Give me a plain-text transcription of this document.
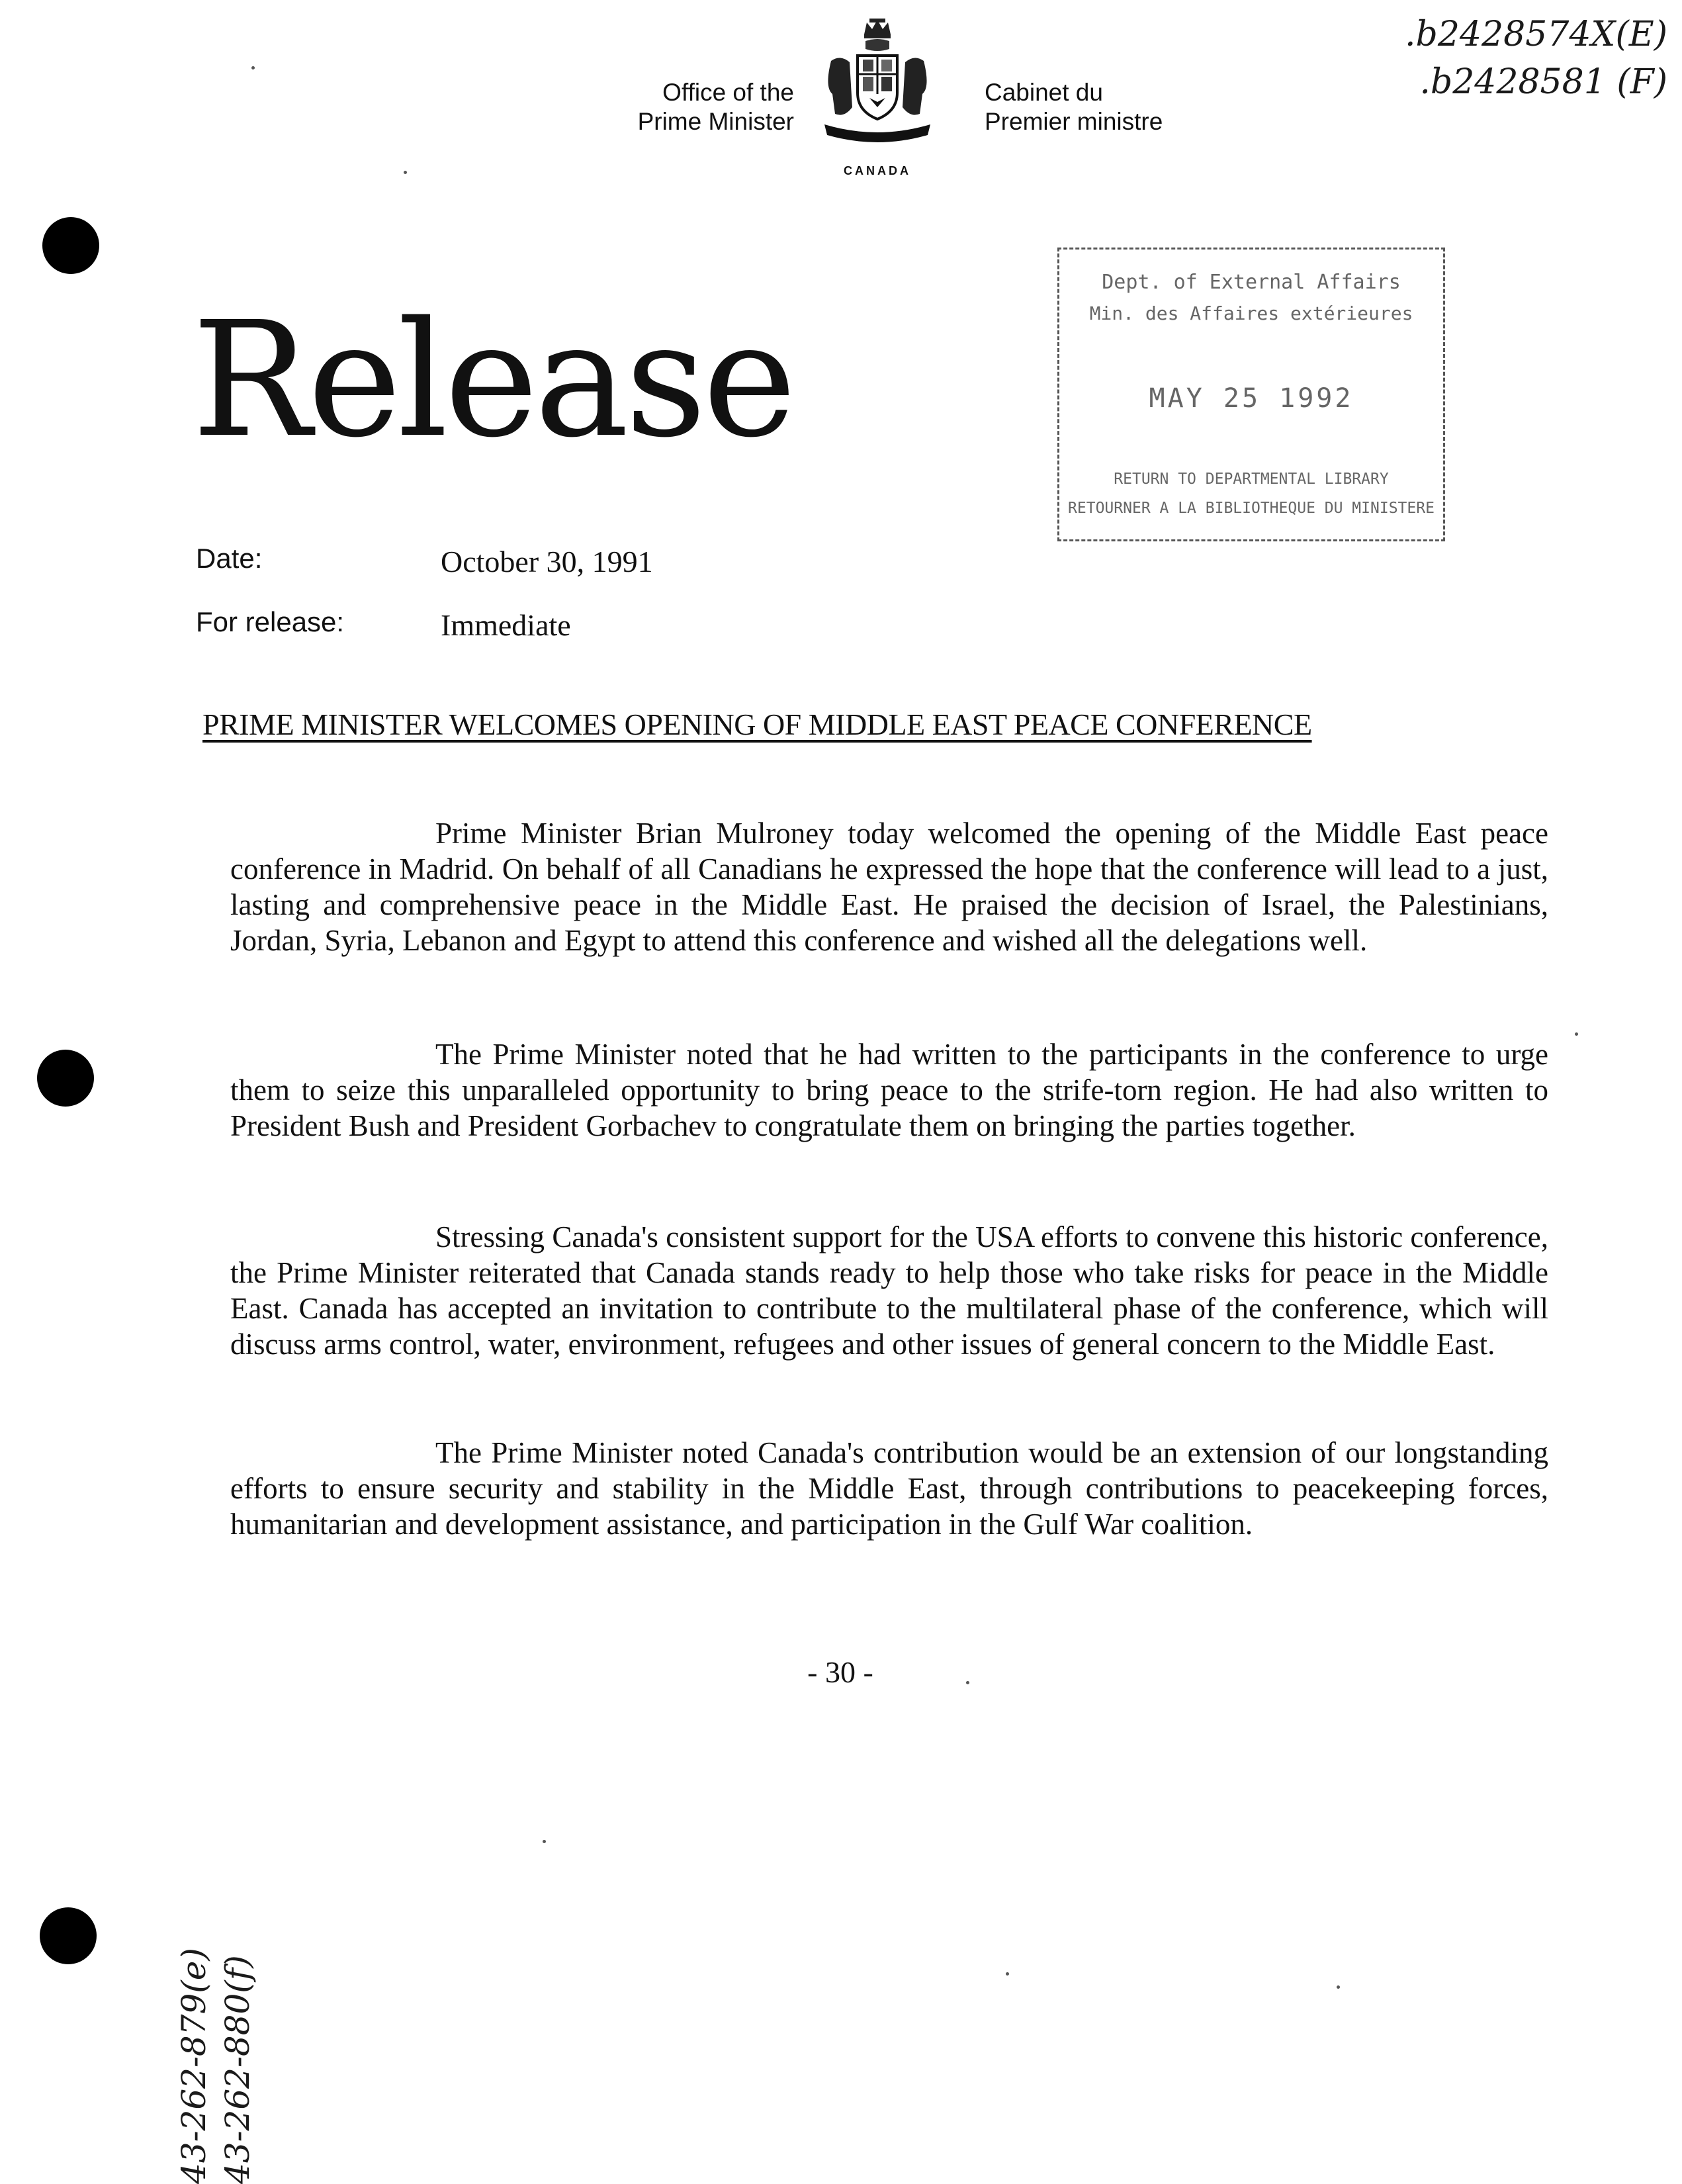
Office of the
Prime Minister
CANADA
Cabinet du
Premier ministre
.b2428574X(E)
.b2428581 (F)
Dept. of External Affairs
Min. des Affaires extérieures
MAY 25 1992
RETURN TO DEPARTMENTAL LIBRARY
RETOURNER A LA BIBLIOTHEQUE DU MINISTERE
Release
Date:	October 30, 1991
For release:	Immediate
PRIME MINISTER WELCOMES OPENING OF MIDDLE EAST PEACE CONFERENCE

Prime Minister Brian Mulroney today welcomed the opening of the Middle East peace conference in Madrid. On behalf of all Canadians he expressed the hope that the conference will lead to a just, lasting and comprehensive peace in the Middle East. He praised the decision of Israel, the Palestinians, Jordan, Syria, Lebanon and Egypt to attend this conference and wished all the delegations well.

The Prime Minister noted that he had written to the participants in the conference to urge them to seize this unparalleled opportunity to bring peace to the strife-torn region. He had also written to President Bush and President Gorbachev to congratulate them on bringing the parties together.

Stressing Canada's consistent support for the USA efforts to convene this historic conference, the Prime Minister reiterated that Canada stands ready to help those who take risks for peace in the Middle East. Canada has accepted an invitation to contribute to the multilateral phase of the conference, which will discuss arms control, water, environment, refugees and other issues of general concern to the Middle East.

The Prime Minister noted Canada's contribution would be an extension of our longstanding efforts to ensure security and stability in the Middle East, through contributions to peacekeeping forces, humanitarian and development assistance, and participation in the Gulf War coalition.

- 30 -
43-262-879(e) 43-262-880(f)
